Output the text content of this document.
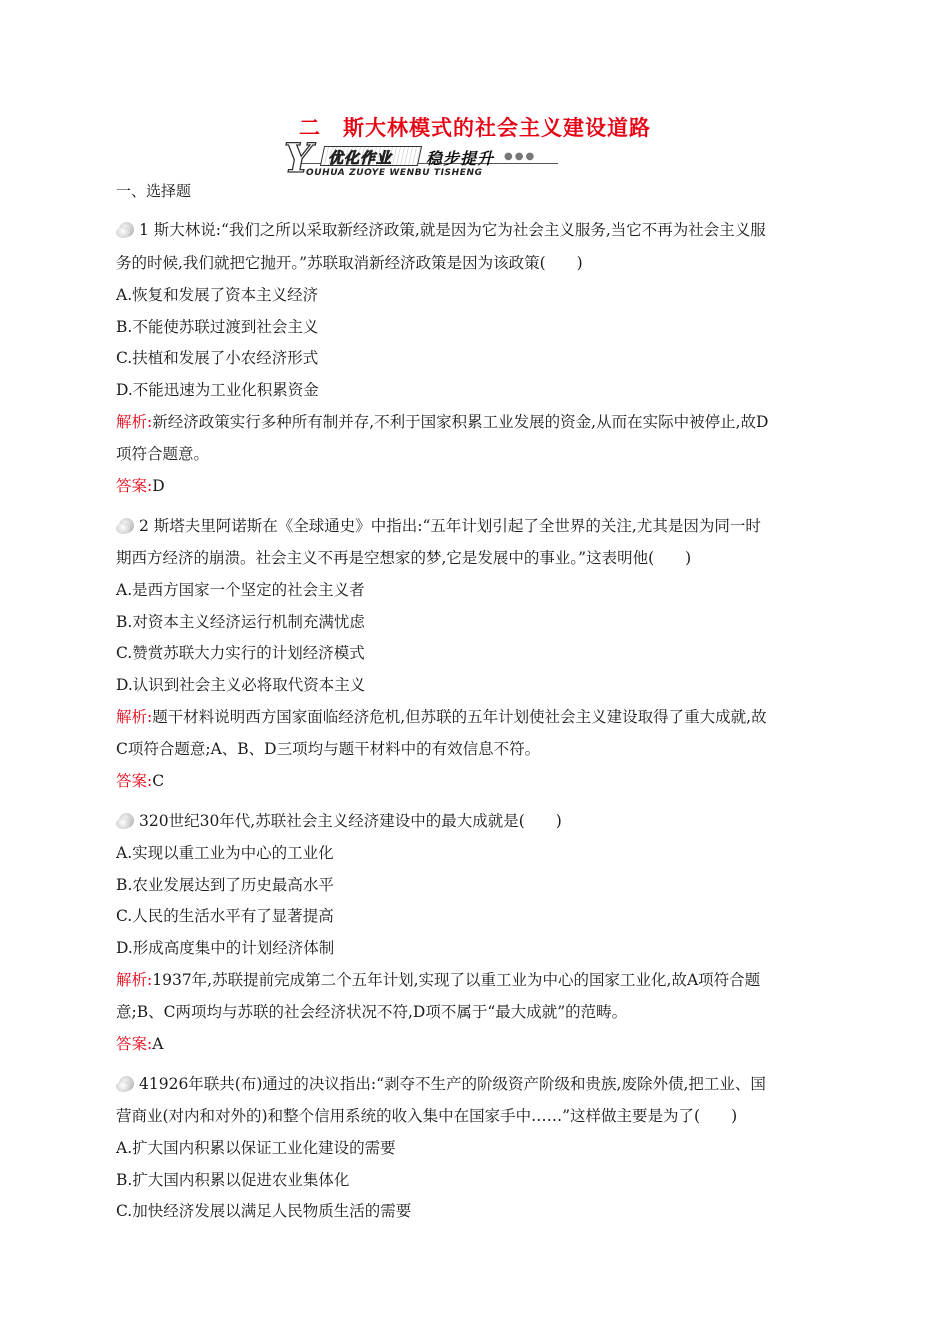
二　斯大林模式的社会主义建设道路
Y 优化作业 稳步提升 ●●●
OUHUA ZUOYE WENBU TISHENG
一、选择题
1 斯大林说:“我们之所以采取新经济政策,就是因为它为社会主义服务,当它不再为社会主义服
务的时候,我们就把它抛开。”苏联取消新经济政策是因为该政策(　　)
A.恢复和发展了资本主义经济
B.不能使苏联过渡到社会主义
C.扶植和发展了小农经济形式
D.不能迅速为工业化积累资金
解析:新经济政策实行多种所有制并存,不利于国家积累工业发展的资金,从而在实际中被停止,故D
项符合题意。
答案:D
2 斯塔夫里阿诺斯在《全球通史》中指出:“五年计划引起了全世界的关注,尤其是因为同一时
期西方经济的崩溃。社会主义不再是空想家的梦,它是发展中的事业。”这表明他(　　)
A.是西方国家一个坚定的社会主义者
B.对资本主义经济运行机制充满忧虑
C.赞赏苏联大力实行的计划经济模式
D.认识到社会主义必将取代资本主义
解析:题干材料说明西方国家面临经济危机,但苏联的五年计划使社会主义建设取得了重大成就,故
C项符合题意;A、B、D三项均与题干材料中的有效信息不符。
答案:C
320世纪30年代,苏联社会主义经济建设中的最大成就是(　　)
A.实现以重工业为中心的工业化
B.农业发展达到了历史最高水平
C.人民的生活水平有了显著提高
D.形成高度集中的计划经济体制
解析:1937年,苏联提前完成第二个五年计划,实现了以重工业为中心的国家工业化,故A项符合题
意;B、C两项均与苏联的社会经济状况不符,D项不属于“最大成就”的范畴。
答案:A
41926年联共(布)通过的决议指出:“剥夺不生产的阶级资产阶级和贵族,废除外债,把工业、国
营商业(对内和对外的)和整个信用系统的收入集中在国家手中……”这样做主要是为了(　　)
A.扩大国内积累以保证工业化建设的需要
B.扩大国内积累以促进农业集体化
C.加快经济发展以满足人民物质生活的需要
